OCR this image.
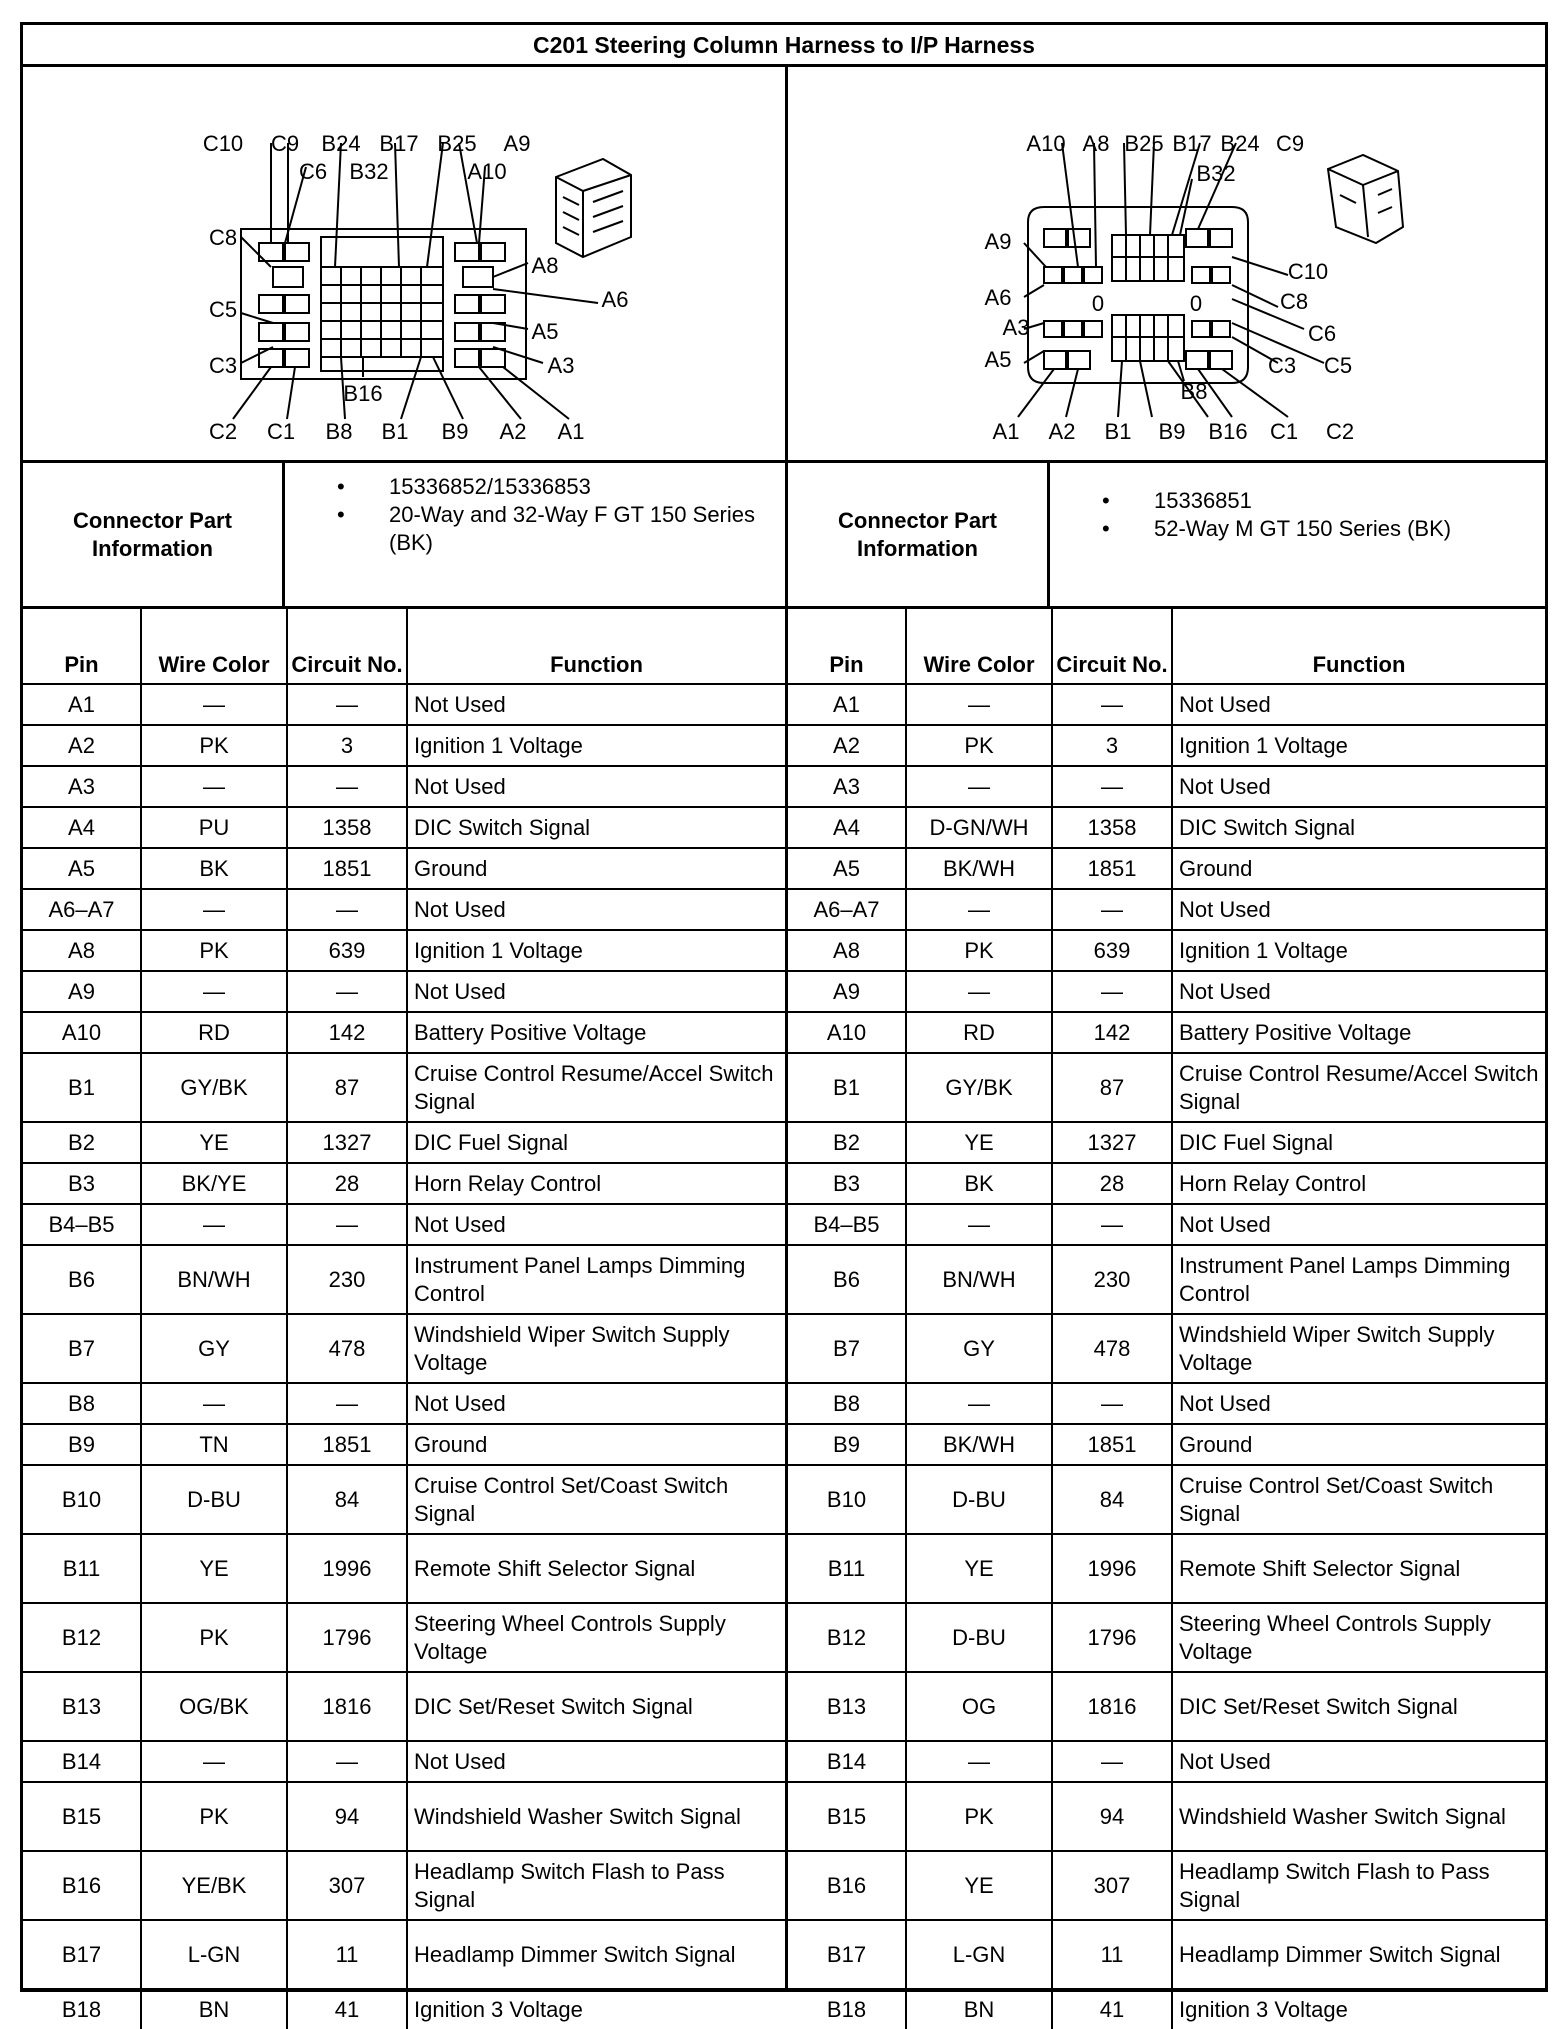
C201 Steering Column Harness to I/P Harness
C10 C9 B24 B17 B25 A9
C6 B32	A10
C8
C5
C3
A8
A6
A5
A3
B16
C2 C1 B8 B1 B9 A2 A1
A10 A8 B25 B17 B24 C9
B32
A9
A6
A3
A5
C10
C8
C6
C3 C5
0	0
B8
A1 A2 B1 B9 B16 C1 C2
Connector Part Information
• 15336852/15336853
• 20-Way and 32-Way F GT 150 Series (BK)
Connector Part Information
• 15336851
• 52-Way M GT 150 Series (BK)
Pin	Wire Color	Circuit No.	Function
A1	—	—	Not Used
A2	PK	3	Ignition 1 Voltage
A3	—	—	Not Used
A4	PU	1358	DIC Switch Signal
A5	BK	1851	Ground
A6–A7	—	—	Not Used
A8	PK	639	Ignition 1 Voltage
A9	—	—	Not Used
A10	RD	142	Battery Positive Voltage
B1	GY/BK	87	Cruise Control Resume/Accel Switch Signal
B2	YE	1327	DIC Fuel Signal
B3	BK/YE	28	Horn Relay Control
B4–B5	—	—	Not Used
B6	BN/WH	230	Instrument Panel Lamps Dimming Control
B7	GY	478	Windshield Wiper Switch Supply Voltage
B8	—	—	Not Used
B9	TN	1851	Ground
B10	D-BU	84	Cruise Control Set/Coast Switch Signal
B11	YE	1996	Remote Shift Selector Signal
B12	PK	1796	Steering Wheel Controls Supply Voltage
B13	OG/BK	1816	DIC Set/Reset Switch Signal
B14	—	—	Not Used
B15	PK	94	Windshield Washer Switch Signal
B16	YE/BK	307	Headlamp Switch Flash to Pass Signal
B17	L-GN	11	Headlamp Dimmer Switch Signal
B18	BN	41	Ignition 3 Voltage
Pin	Wire Color	Circuit No.	Function
A1	—	—	Not Used
A2	PK	3	Ignition 1 Voltage
A3	—	—	Not Used
A4	D-GN/WH	1358	DIC Switch Signal
A5	BK/WH	1851	Ground
A6–A7	—	—	Not Used
A8	PK	639	Ignition 1 Voltage
A9	—	—	Not Used
A10	RD	142	Battery Positive Voltage
B1	GY/BK	87	Cruise Control Resume/Accel Switch Signal
B2	YE	1327	DIC Fuel Signal
B3	BK	28	Horn Relay Control
B4–B5	—	—	Not Used
B6	BN/WH	230	Instrument Panel Lamps Dimming Control
B7	GY	478	Windshield Wiper Switch Supply Voltage
B8	—	—	Not Used
B9	BK/WH	1851	Ground
B10	D-BU	84	Cruise Control Set/Coast Switch Signal
B11	YE	1996	Remote Shift Selector Signal
B12	D-BU	1796	Steering Wheel Controls Supply Voltage
B13	OG	1816	DIC Set/Reset Switch Signal
B14	—	—	Not Used
B15	PK	94	Windshield Washer Switch Signal
B16	YE	307	Headlamp Switch Flash to Pass Signal
B17	L-GN	11	Headlamp Dimmer Switch Signal
B18	BN	41	Ignition 3 Voltage
